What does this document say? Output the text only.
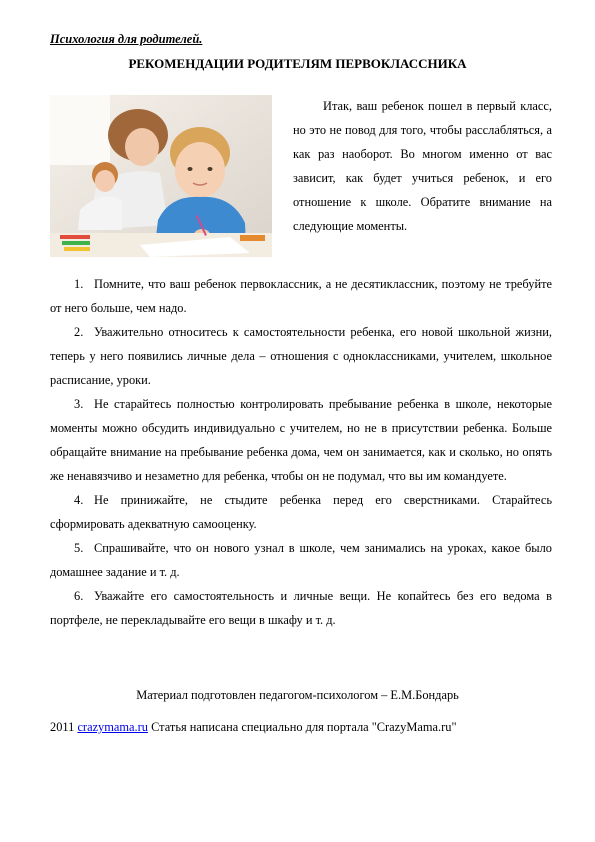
Психология для родителей.
РЕКОМЕНДАЦИИ РОДИТЕЛЯМ ПЕРВОКЛАССНИКА
Итак, ваш ребенок пошел в первый класс, но это не повод для того, чтобы расслабляться, а как раз наоборот. Во многом именно от вас зависит, как будет учиться ребенок, и его отношение к школе. Обратите внимание на следующие моменты.

1. Помните, что ваш ребенок первоклассник, а не десятиклассник, поэтому не требуйте от него больше, чем надо.

2. Уважительно относитесь к самостоятельности ребенка, его новой школьной жизни, теперь у него появились личные дела – отношения с одноклассниками, учителем, школьное расписание, уроки.

3. Не старайтесь полностью контролировать пребывание ребенка в школе, некоторые моменты можно обсудить индивидуально с учителем, но не в присутствии ребенка. Больше обращайте внимание на пребывание ребенка дома, чем он занимается, как и сколько, но опять же ненавязчиво и незаметно для ребенка, чтобы он не подумал, что вы им командуете.

4. Не принижайте, не стыдите ребенка перед его сверстниками. Старайтесь сформировать адекватную самооценку.

5. Спрашивайте, что он нового узнал в школе, чем занимались на уроках, какое было домашнее задание и т. д.

6. Уважайте его самостоятельность и личные вещи. Не копайтесь без его ведома в портфеле, не перекладывайте его вещи в шкафу и т. д.

Материал подготовлен педагогом-психологом – Е.М.Бондарь
2011 crazymama.ru Статья написана специально для портала "CrazyMama.ru"
